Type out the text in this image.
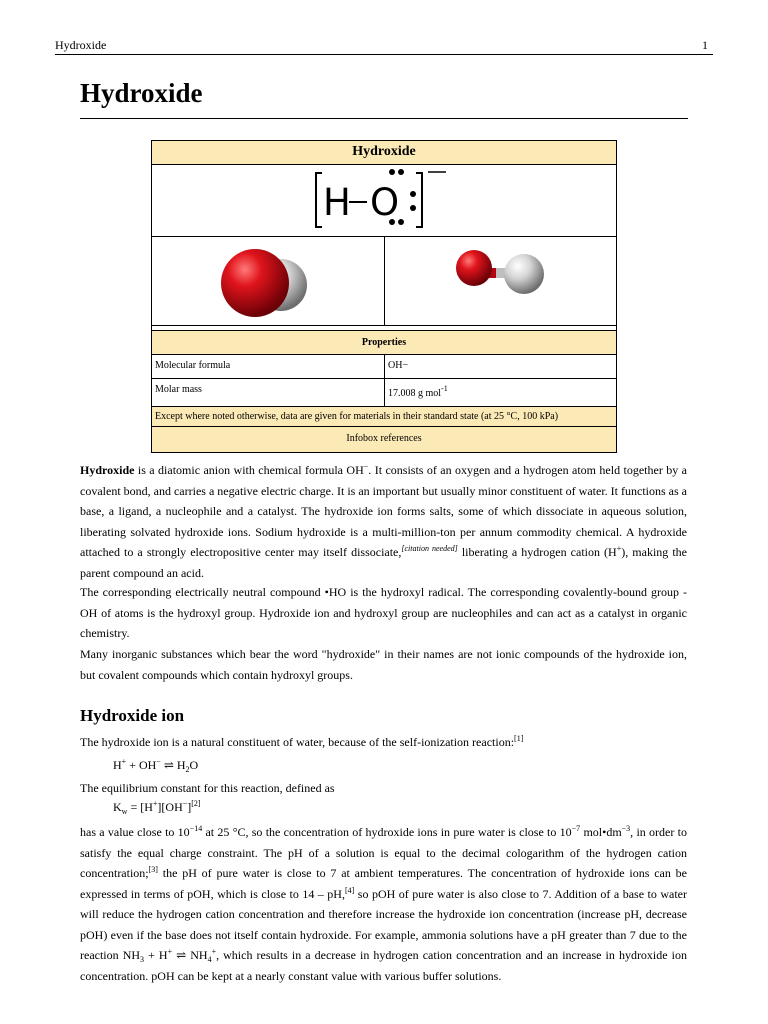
Hydroxide	1
Hydroxide
Hydroxide
H O
Properties
Molecular formula	OH−
Molar mass	17.008 g mol$^{-1}$
Except where noted otherwise, data are given for materials in their standard state (at 25 °C, 100 kPa)
Infobox references

Hydroxide is a diatomic anion with chemical formula OH−. It consists of an oxygen and a hydrogen atom held together by a covalent bond, and carries a negative electric charge. It is an important but usually minor constituent of water. It functions as a base, a ligand, a nucleophile and a catalyst. The hydroxide ion forms salts, some of which dissociate in aqueous solution, liberating solvated hydroxide ions. Sodium hydroxide is a multi-million-ton per annum commodity chemical. A hydroxide attached to a strongly electropositive center may itself dissociate,[citation needed] liberating a hydrogen cation (H+), making the parent compound an acid.

The corresponding electrically neutral compound •HO is the hydroxyl radical. The corresponding covalently-bound group -OH of atoms is the hydroxyl group. Hydroxide ion and hydroxyl group are nucleophiles and can act as a catalyst in organic chemistry.
Many inorganic substances which bear the word "hydroxide" in their names are not ionic compounds of the hydroxide ion, but covalent compounds which contain hydroxyl groups.
Hydroxide ion
The hydroxide ion is a natural constituent of water, because of the self-ionization reaction:[1]
H+ + OH− ⇌ $H_2O$
The equilibrium constant for this reaction, defined as
$K_w = [H^+][OH^-][2]$

has a value close to $10^{-14}$ at 25 °C, so the concentration of hydroxide ions in pure water is close to $10^{-7}$ $mol•dm^{-3}$, in order to satisfy the equal charge constraint. The pH of a solution is equal to the decimal cologarithm of the hydrogen cation concentration;[3] the pH of pure water is close to 7 at ambient temperatures. The concentration of hydroxide ions can be expressed in terms of pOH, which is close to 14 – pH,[4] so pOH of pure water is also close to 7. Addition of a base to water will reduce the hydrogen cation concentration and therefore increase the hydroxide ion concentration (increase pH, decrease pOH) even if the base does not itself contain hydroxide. For example, ammonia solutions have a pH greater than 7 due to the reaction $NH_3 + H^+$ ⇌ $NH_4^+$, which results in a decrease in hydrogen cation concentration and an increase in hydroxide ion concentration. pOH can be kept at a nearly constant value with various buffer solutions.
